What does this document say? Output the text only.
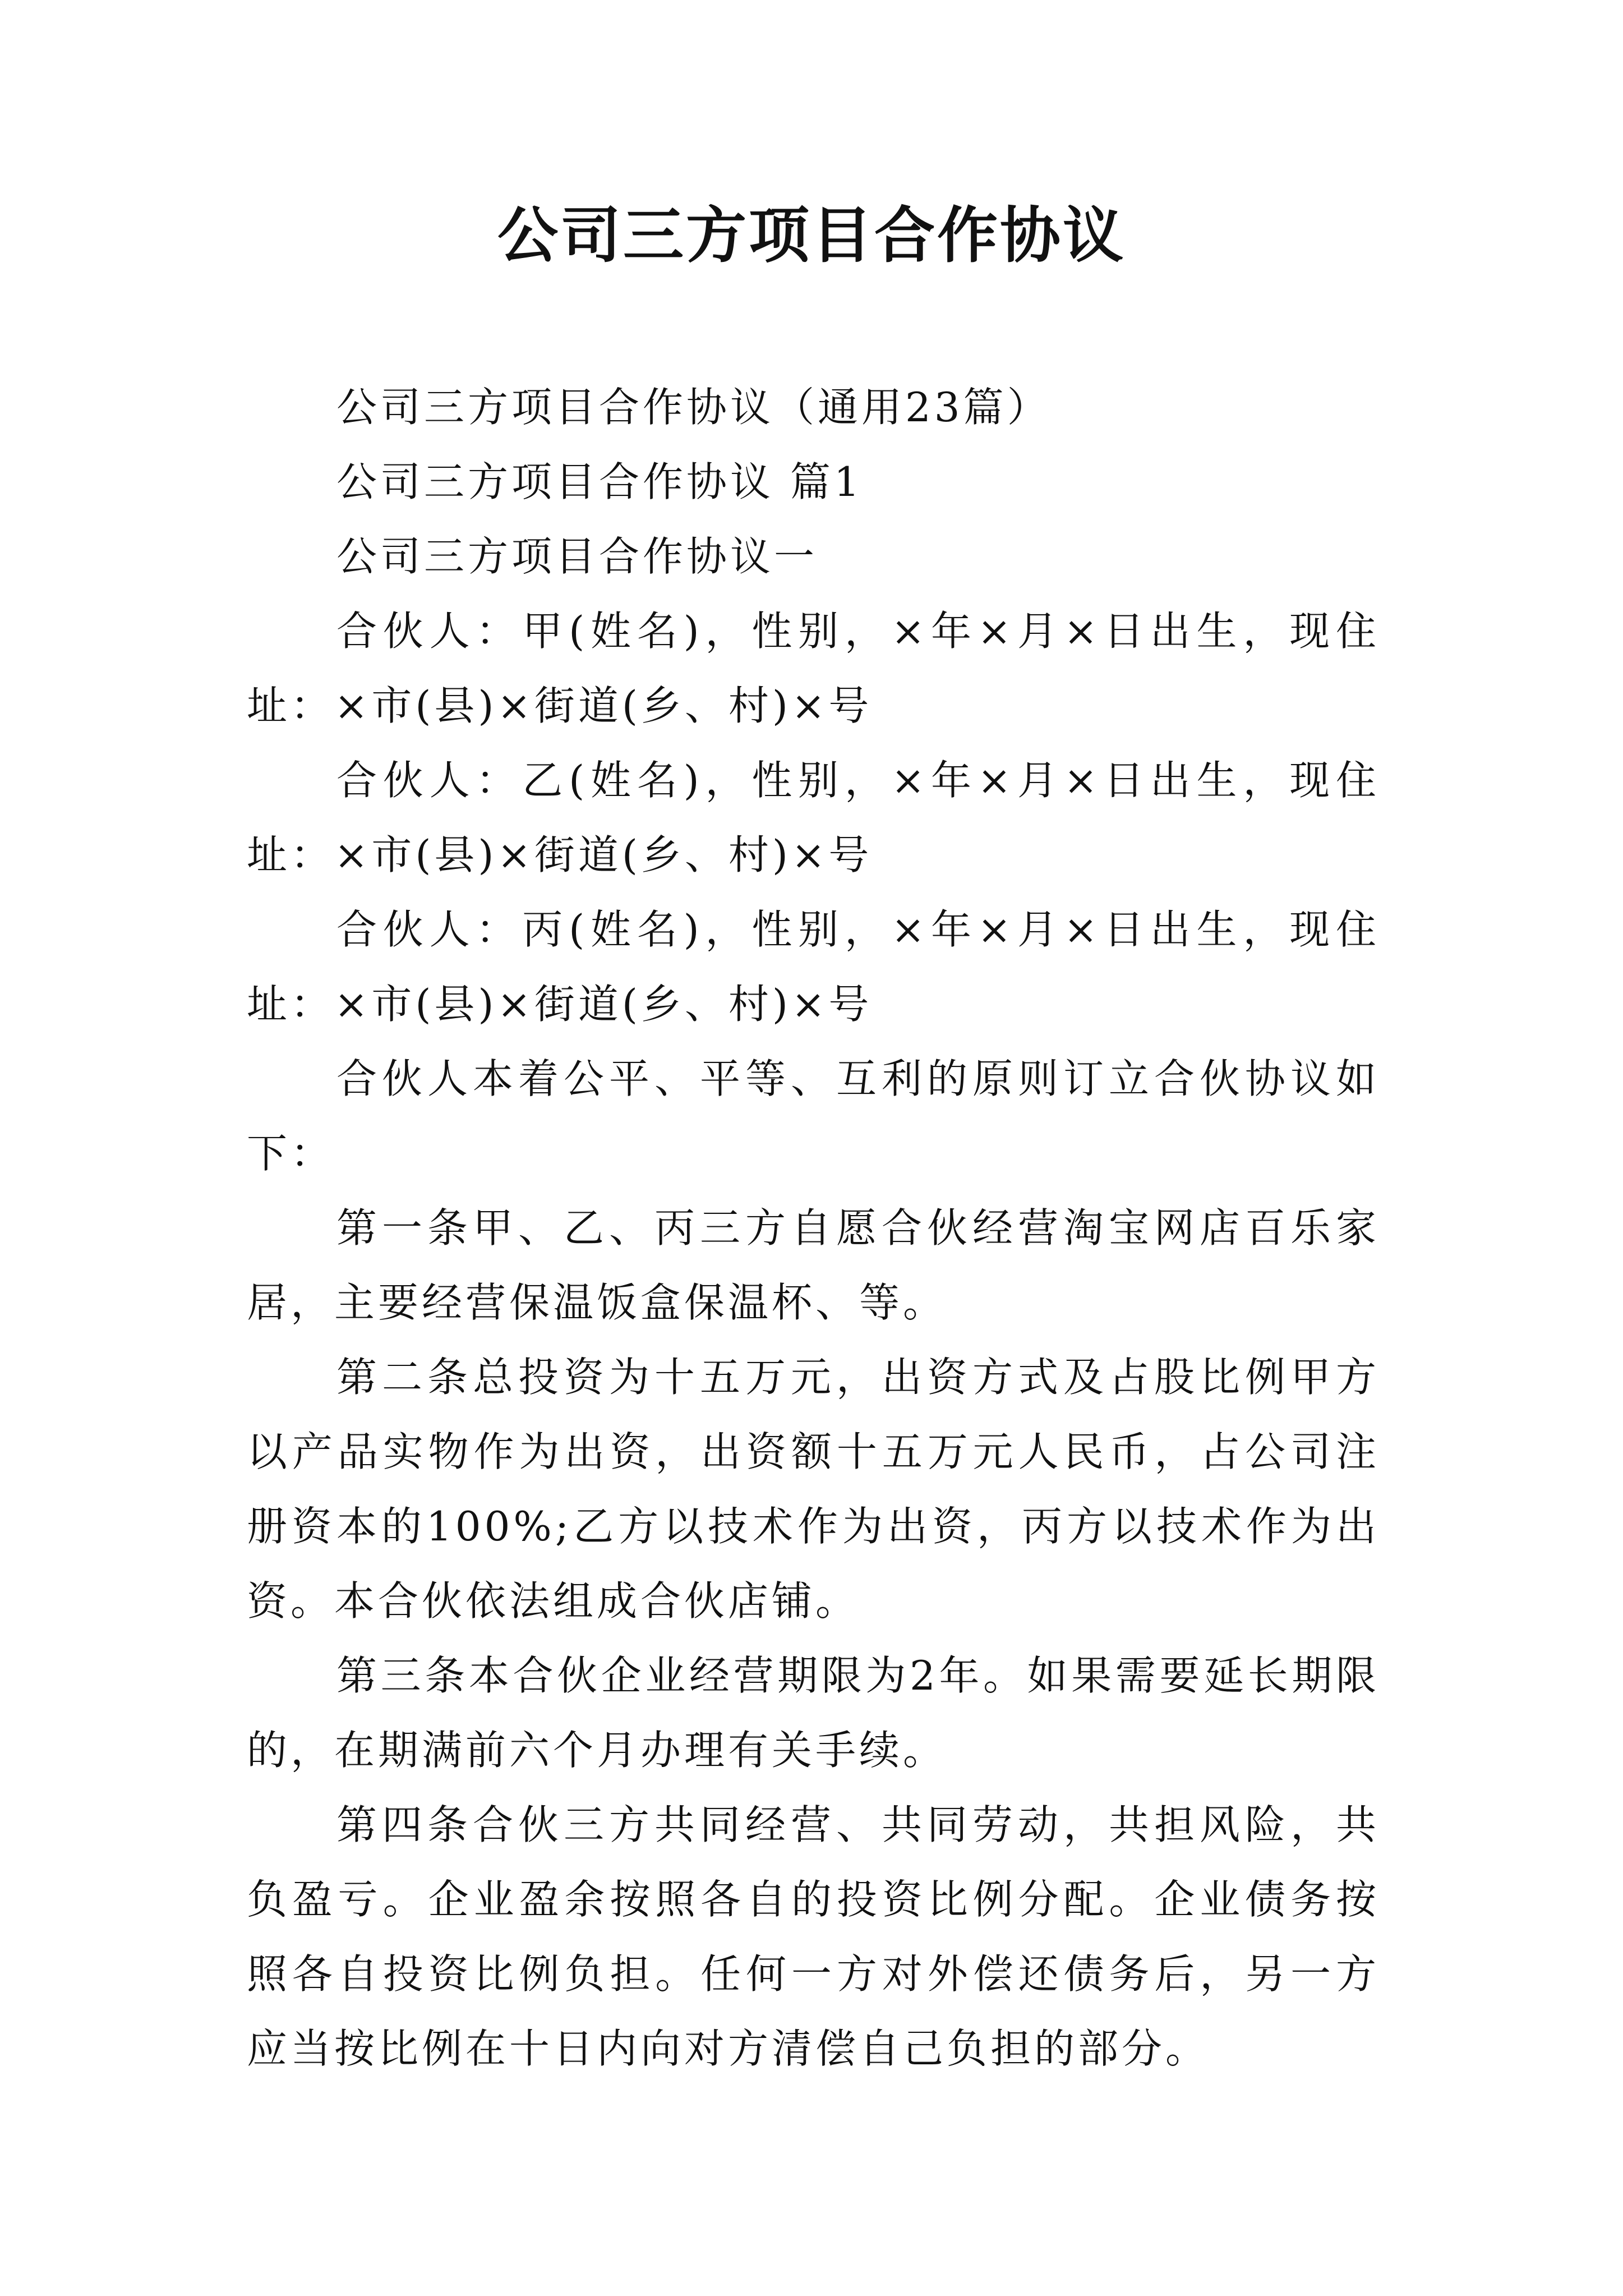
公司三方项目合作协议

公司三方项目合作协议（通用23篇）

公司三方项目合作协议 篇1

公司三方项目合作协议一

合伙人：甲(姓名)，性别，×年×月×日出生，现住址：×市(县)×街道(乡、村)×号

合伙人：乙(姓名)，性别，×年×月×日出生，现住址：×市(县)×街道(乡、村)×号

合伙人：丙(姓名)，性别，×年×月×日出生，现住址：×市(县)×街道(乡、村)×号

合伙人本着公平、平等、互利的原则订立合伙协议如下：

第一条甲、乙、丙三方自愿合伙经营淘宝网店百乐家居，主要经营保温饭盒保温杯、等。

第二条总投资为十五万元，出资方式及占股比例甲方以产品实物作为出资，出资额十五万元人民币，占公司注册资本的100%;乙方以技术作为出资，丙方以技术作为出资。本合伙依法组成合伙店铺。

第三条本合伙企业经营期限为2年。如果需要延长期限的，在期满前六个月办理有关手续。

第四条合伙三方共同经营、共同劳动，共担风险，共负盈亏。企业盈余按照各自的投资比例分配。企业债务按照各自投资比例负担。任何一方对外偿还债务后，另一方应当按比例在十日内向对方清偿自己负担的部分。
